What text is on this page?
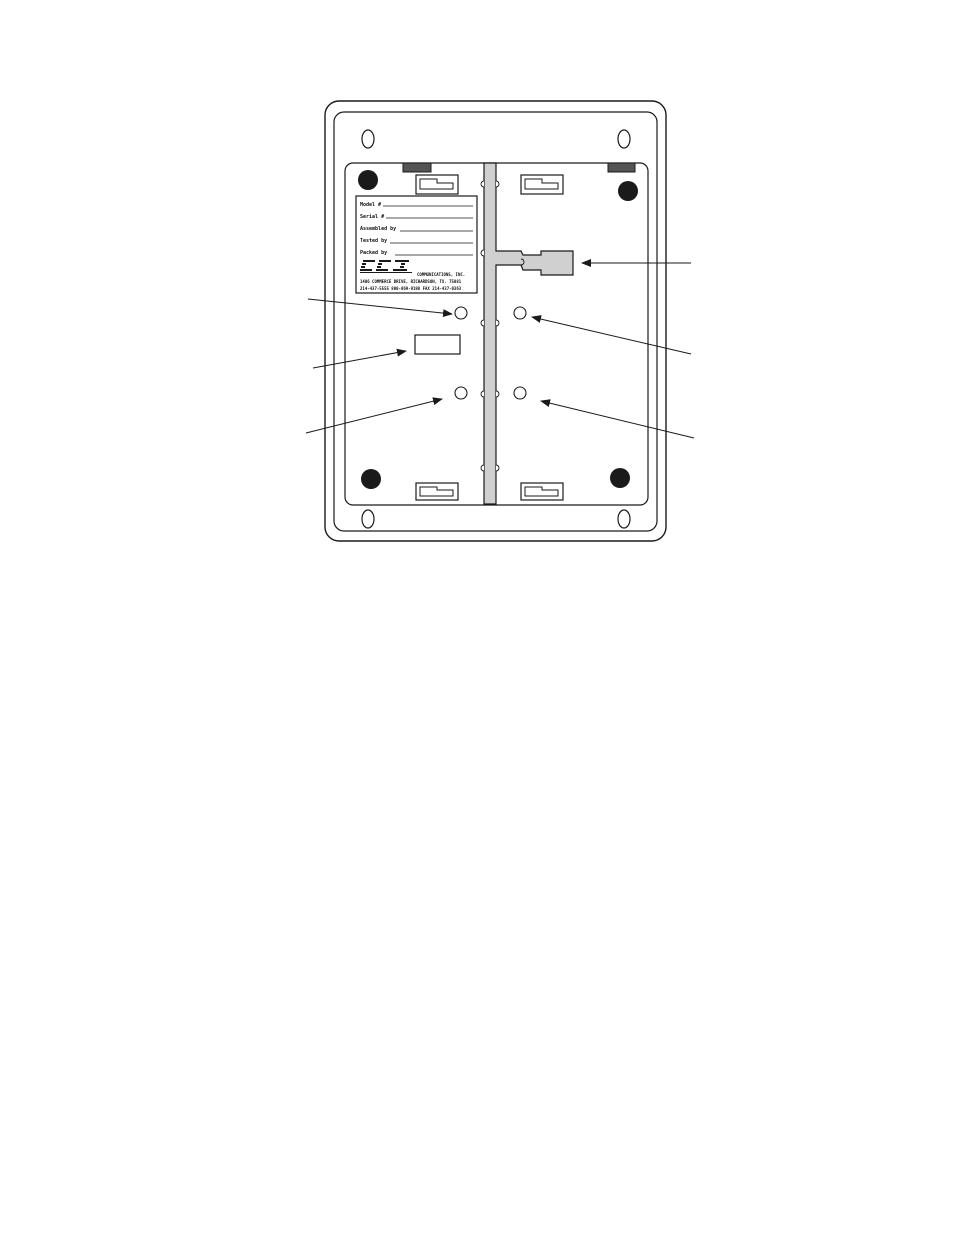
Model #
Serial #
Assembled by
Tested by
Packed by
COMMUNICATIONS, INC.
1406 COMMERCE DRIVE, RICHARDSON, TX. 75081
214-437-5555 800-869-9198 FAX 214-437-0363
